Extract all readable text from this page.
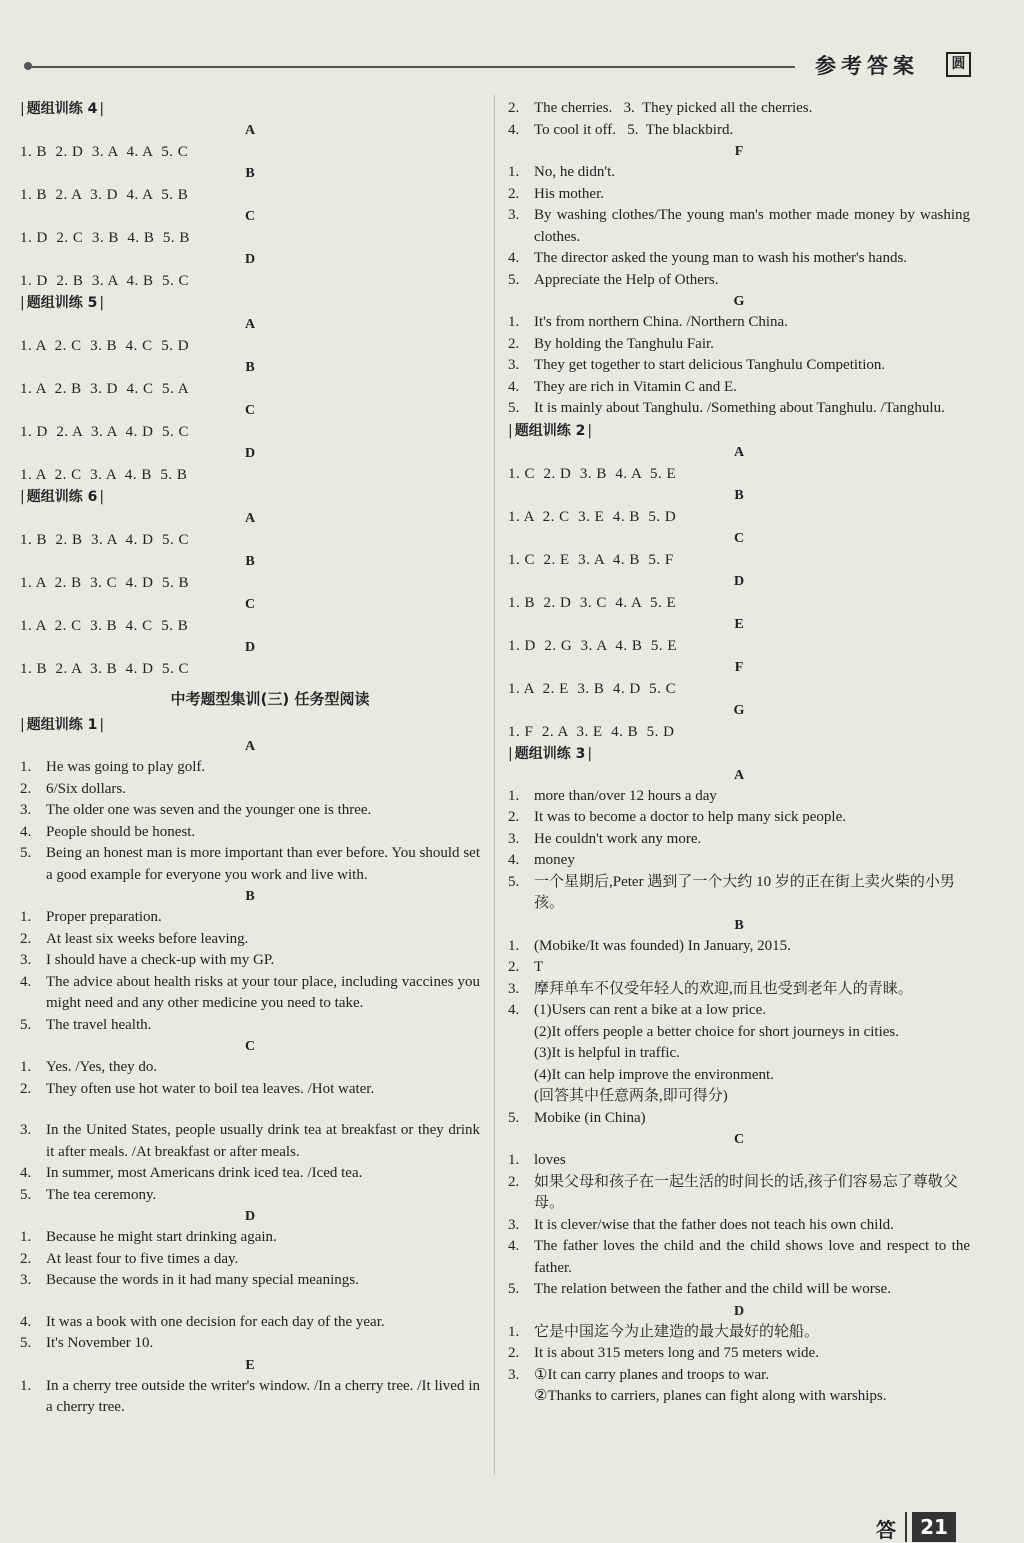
参考答案	圆
| 题组训练 4 |
A
1. B  2. D  3. A  4. A  5. C
B
1. B  2. A  3. D  4. A  5. B
C
1. D  2. C  3. B  4. B  5. B
D
1. D  2. B  3. A  4. B  5. C
| 题组训练 5 |
A
1. A  2. C  3. B  4. C  5. D
B
1. A  2. B  3. D  4. C  5. A
C
1. D  2. A  3. A  4. D  5. C
D
1. A  2. C  3. A  4. B  5. B
| 题组训练 6 |
A
1. B  2. B  3. A  4. D  5. C
B
1. A  2. B  3. C  4. D  5. B
C
1. A  2. C  3. B  4. C  5. B
D
1. B  2. A  3. B  4. D  5. C
中考题型集训(三) 任务型阅读
| 题组训练 1 |
A
1. He was going to play golf.
2. 6/Six dollars.
3. The older one was seven and the younger one is three.
4. People should be honest.
5. Being an honest man is more important than ever before. You should set a good example for everyone you work and live with.
B
1. Proper preparation.
2. At least six weeks before leaving.
3. I should have a check-up with my GP.
4. The advice about health risks at your tour place, including vaccines you might need and any other medicine you need to take.
5. The travel health.
C
1. Yes. /Yes, they do.
2. They often use hot water to boil tea leaves. /Hot water.
3. In the United States, people usually drink tea at breakfast or they drink it after meals. /At breakfast or after meals.
4. In summer, most Americans drink iced tea. /Iced tea.
5. The tea ceremony.
D
1. Because he might start drinking again.
2. At least four to five times a day.
3. Because the words in it had many special meanings.
4. It was a book with one decision for each day of the year.
5. It's November 10.
E
1. In a cherry tree outside the writer's window. /In a cherry tree. /It lived in a cherry tree.
2. The cherries.   3.  They picked all the cherries.
4. To cool it off.   5.  The blackbird.
F
1. No, he didn't.
2. His mother.
3. By washing clothes/The young man's mother made money by washing clothes.
4. The director asked the young man to wash his mother's hands.
5. Appreciate the Help of Others.
G
1. It's from northern China. /Northern China.
2. By holding the Tanghulu Fair.
3. They get together to start delicious Tanghulu Competition.
4. They are rich in Vitamin C and E.
5. It is mainly about Tanghulu. /Something about Tanghulu. /Tanghulu.
| 题组训练 2 |
A
1. C  2. D  3. B  4. A  5. E
B
1. A  2. C  3. E  4. B  5. D
C
1. C  2. E  3. A  4. B  5. F
D
1. B  2. D  3. C  4. A  5. E
E
1. D  2. G  3. A  4. B  5. E
F
1. A  2. E  3. B  4. D  5. C
G
1. F  2. A  3. E  4. B  5. D
| 题组训练 3 |
A
1. more than/over 12 hours a day
2. It was to become a doctor to help many sick people.
3. He couldn't work any more.
4. money
5. 一个星期后,Peter 遇到了一个大约 10 岁的正在街上卖火柴的小男孩。
B
1. (Mobike/It was founded) In January, 2015.
2. T
3. 摩拜单车不仅受年轻人的欢迎,而且也受到老年人的青睐。
4. (1)Users can rent a bike at a low price.
(2)It offers people a better choice for short journeys in cities.
(3)It is helpful in traffic.
(4)It can help improve the environment.
(回答其中任意两条,即可得分)
5. Mobike (in China)
C
1. loves
2. 如果父母和孩子在一起生活的时间长的话,孩子们容易忘了尊敬父母。
3. It is clever/wise that the father does not teach his own child.
4. The father loves the child and the child shows love and respect to the father.
5. The relation between the father and the child will be worse.
D
1. 它是中国迄今为止建造的最大最好的轮船。
2. It is about 315 meters long and 75 meters wide.
3. ①It can carry planes and troops to war.
②Thanks to carriers, planes can fight along with warships.
答	21
